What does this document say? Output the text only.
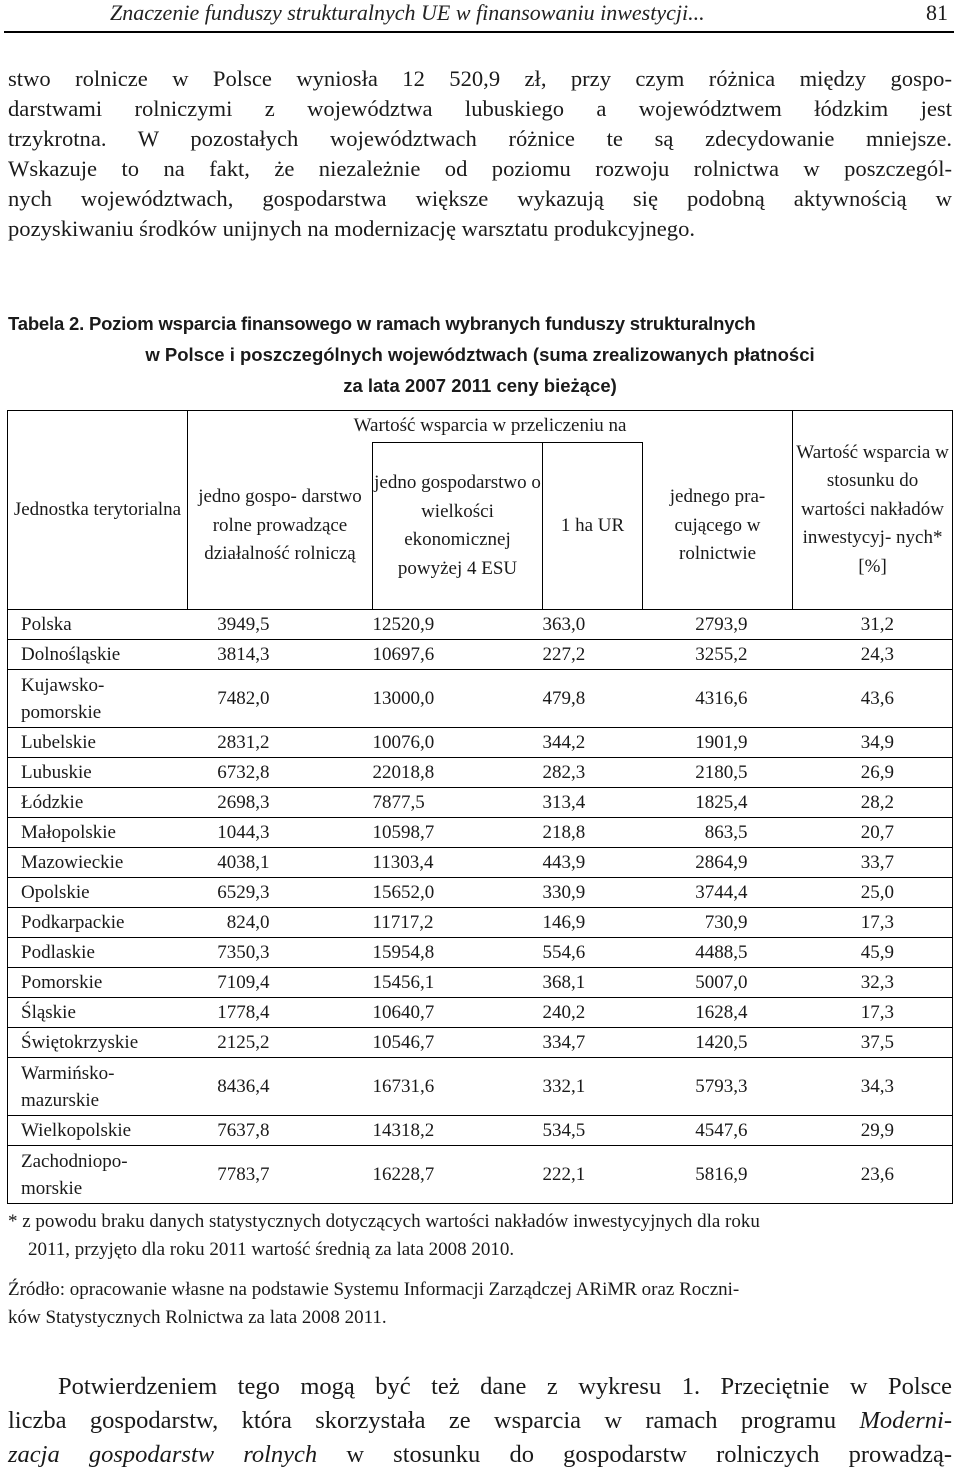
Znaczenie funduszy strukturalnych UE w finansowaniu inwestycji...	81
stwo rolnicze w Polsce wyniosła 12 520,9 zł, przy czym różnica między gospo-
darstwami rolniczymi z województwa lubuskiego a województwem łódzkim jest
trzykrotna. W pozostałych województwach różnice te są zdecydowanie mniejsze.
Wskazuje to na fakt, że niezależnie od poziomu rozwoju rolnictwa w poszczegól-
nych województwach, gospodarstwa większe wykazują się podobną aktywnością w
pozyskiwaniu środków unijnych na modernizację warsztatu produkcyjnego.
Tabela 2. Poziom wsparcia finansowego w ramach wybranych funduszy strukturalnych
w Polsce i poszczególnych województwach (suma zrealizowanych płatności
za lata 2007 2011 ceny bieżące)
Jednostka terytorialna	Wartość wsparcia w przeliczeniu na				Wartość wsparcia w stosunku do wartości nakładów inwestycyj- nych* [%]
	jedno gospo- darstwo rolne prowadzące działalność rolniczą	jedno gospodarstwo o wielkości ekonomicznej powyżej 4 ESU	1 ha UR	jednego pra- cującego w rolnictwie	
Polska	3949,5	12520,9	363,0	2793,9	31,2
Dolnośląskie	3814,3	10697,6	227,2	3255,2	24,3
Kujawsko- pomorskie	7482,0	13000,0	479,8	4316,6	43,6
Lubelskie	2831,2	10076,0	344,2	1901,9	34,9
Lubuskie	6732,8	22018,8	282,3	2180,5	26,9
Łódzkie	2698,3	7877,5	313,4	1825,4	28,2
Małopolskie	1044,3	10598,7	218,8	863,5	20,7
Mazowieckie	4038,1	11303,4	443,9	2864,9	33,7
Opolskie	6529,3	15652,0	330,9	3744,4	25,0
Podkarpackie	824,0	11717,2	146,9	730,9	17,3
Podlaskie	7350,3	15954,8	554,6	4488,5	45,9
Pomorskie	7109,4	15456,1	368,1	5007,0	32,3
Śląskie	1778,4	10640,7	240,2	1628,4	17,3
Świętokrzyskie	2125,2	10546,7	334,7	1420,5	37,5
Warmińsko- mazurskie	8436,4	16731,6	332,1	5793,3	34,3
Wielkopolskie	7637,8	14318,2	534,5	4547,6	29,9
Zachodniopo- morskie	7783,7	16228,7	222,1	5816,9	23,6
* z powodu braku danych statystycznych dotyczących wartości nakładów inwestycyjnych dla roku
2011, przyjęto dla roku 2011 wartość średnią za lata 2008 2010.
Źródło: opracowanie własne na podstawie Systemu Informacji Zarządczej ARiMR oraz Roczni-
ków Statystycznych Rolnictwa za lata 2008 2011.
Potwierdzeniem tego mogą być też dane z wykresu 1. Przeciętnie w Polsce
liczba gospodarstw, która skorzystała ze wsparcia w ramach programu Moderni-
zacja gospodarstw rolnych w stosunku do gospodarstw rolniczych prowadzą-
